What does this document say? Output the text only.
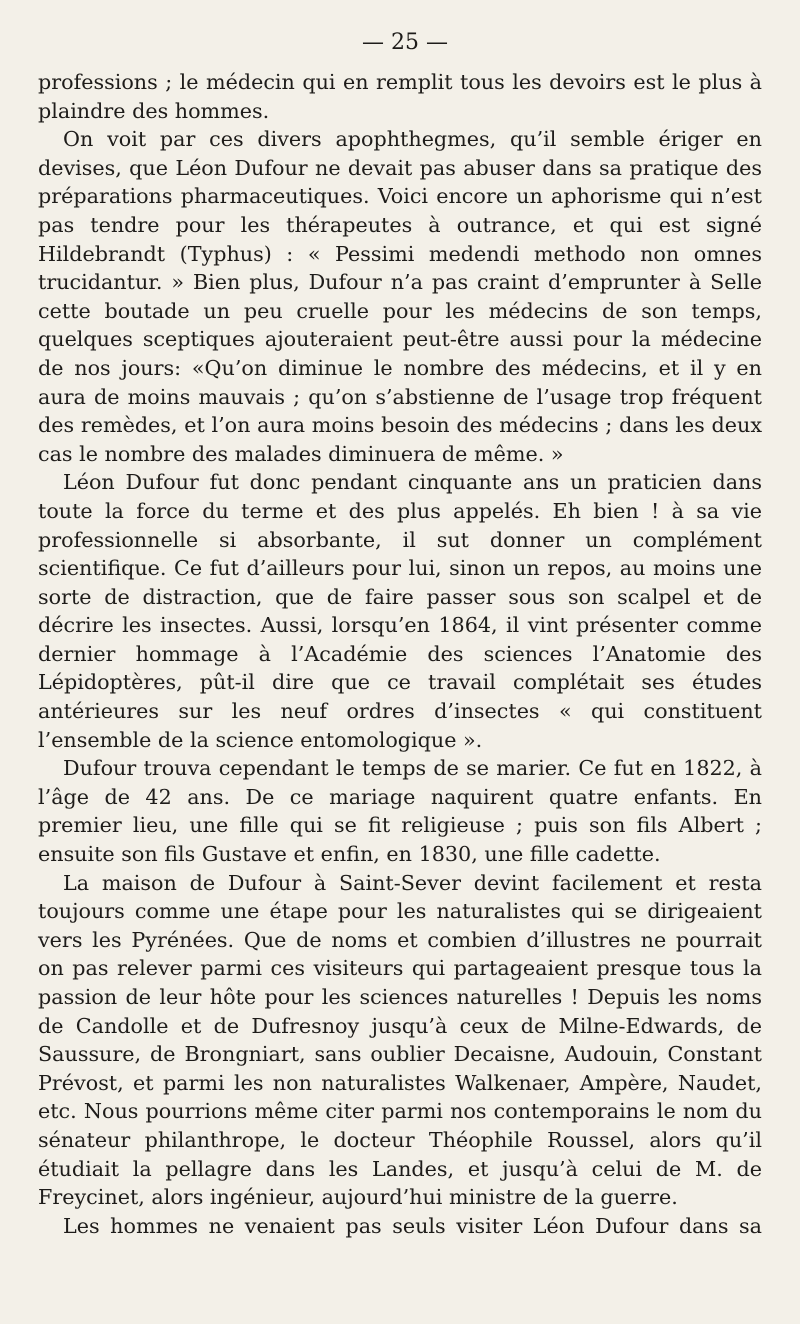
— 25 —

professions ; le médecin qui en remplit tous les devoirs est le plus à plaindre des hommes.

On voit par ces divers apophthegmes, qu’il semble ériger en devises, que Léon Dufour ne devait pas abuser dans sa pratique des préparations pharmaceutiques. Voici encore un aphorisme qui n’est pas tendre pour les thérapeutes à outrance, et qui est signé Hildebrandt (Typhus) : « Pessimi medendi methodo non omnes trucidantur. » Bien plus, Dufour n’a pas craint d’emprunter à Selle cette boutade un peu cruelle pour les médecins de son temps, quelques sceptiques ajouteraient peut-être aussi pour la médecine de nos jours: «Qu’on diminue le nombre des médecins, et il y en aura de moins mauvais ; qu’on s’abstienne de l’usage trop fréquent des remèdes, et l’on aura moins besoin des médecins ; dans les deux cas le nombre des malades diminuera de même. »

Léon Dufour fut donc pendant cinquante ans un praticien dans toute la force du terme et des plus appelés. Eh bien ! à sa vie professionnelle si absorbante, il sut donner un complément scientifique. Ce fut d’ailleurs pour lui, sinon un repos, au moins une sorte de distraction, que de faire passer sous son scalpel et de décrire les insectes. Aussi, lorsqu’en 1864, il vint présenter comme dernier hommage à l’Académie des sciences l’Anatomie des Lépidoptères, pût-il dire que ce travail complétait ses études antérieures sur les neuf ordres d’insectes « qui constituent l’ensemble de la science entomologique ».

Dufour trouva cependant le temps de se marier. Ce fut en 1822, à l’âge de 42 ans. De ce mariage naquirent quatre enfants. En premier lieu, une fille qui se fit religieuse ; puis son fils Albert ; ensuite son fils Gustave et enfin, en 1830, une fille cadette.

La maison de Dufour à Saint-Sever devint facilement et resta toujours comme une étape pour les naturalistes qui se dirigeaient vers les Pyrénées. Que de noms et combien d’illustres ne pourrait on pas relever parmi ces visiteurs qui partageaient presque tous la passion de leur hôte pour les sciences naturelles ! Depuis les noms de Candolle et de Dufresnoy jusqu’à ceux de Milne-Edwards, de Saussure, de Brongniart, sans oublier Decaisne, Audouin, Constant Prévost, et parmi les non naturalistes Walkenaer, Ampère, Naudet, etc. Nous pourrions même citer parmi nos contemporains le nom du sénateur philanthrope, le docteur Théophile Roussel, alors qu’il étudiait la pellagre dans les Landes, et jusqu’à celui de M. de Freycinet, alors ingénieur, aujourd’hui ministre de la guerre.

Les hommes ne venaient pas seuls visiter Léon Dufour dans sa
